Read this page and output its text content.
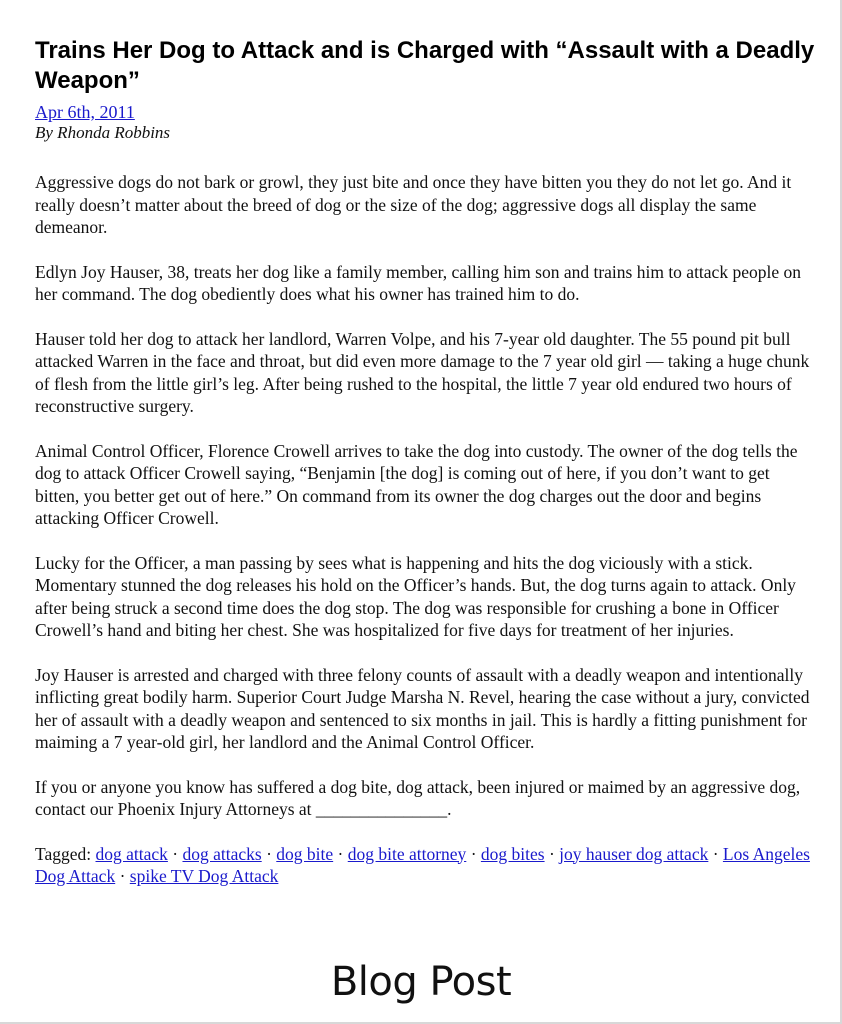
Trains Her Dog to Attack and is Charged with “Assault with a Deadly Weapon”
Apr 6th, 2011
By Rhonda Robbins

Aggressive dogs do not bark or growl, they just bite and once they have bitten you they do not let go. And it really doesn’t matter about the breed of dog or the size of the dog; aggressive dogs all display the same demeanor.

Edlyn Joy Hauser, 38, treats her dog like a family member, calling him son and trains him to attack people on her command. The dog obediently does what his owner has trained him to do.

Hauser told her dog to attack her landlord, Warren Volpe, and his 7-year old daughter. The 55 pound pit bull attacked Warren in the face and throat, but did even more damage to the 7 year old girl — taking a huge chunk of flesh from the little girl’s leg. After being rushed to the hospital, the little 7 year old endured two hours of reconstructive surgery.

Animal Control Officer, Florence Crowell arrives to take the dog into custody. The owner of the dog tells the dog to attack Officer Crowell saying, “Benjamin [the dog] is coming out of here, if you don’t want to get bitten, you better get out of here.” On command from its owner the dog charges out the door and begins attacking Officer Crowell.

Lucky for the Officer, a man passing by sees what is happening and hits the dog viciously with a stick. Momentary stunned the dog releases his hold on the Officer’s hands. But, the dog turns again to attack. Only after being struck a second time does the dog stop. The dog was responsible for crushing a bone in Officer Crowell’s hand and biting her chest. She was hospitalized for five days for treatment of her injuries.

Joy Hauser is arrested and charged with three felony counts of assault with a deadly weapon and intentionally inflicting great bodily harm. Superior Court Judge Marsha N. Revel, hearing the case without a jury, convicted her of assault with a deadly weapon and sentenced to six months in jail. This is hardly a fitting punishment for maiming a 7 year-old girl, her landlord and the Animal Control Officer.

If you or anyone you know has suffered a dog bite, dog attack, been injured or maimed by an aggressive dog, contact our Phoenix Injury Attorneys at _______________.

Tagged: dog attack · dog attacks · dog bite · dog bite attorney · dog bites · joy hauser dog attack · Los Angeles Dog Attack · spike TV Dog Attack

Blog Post
